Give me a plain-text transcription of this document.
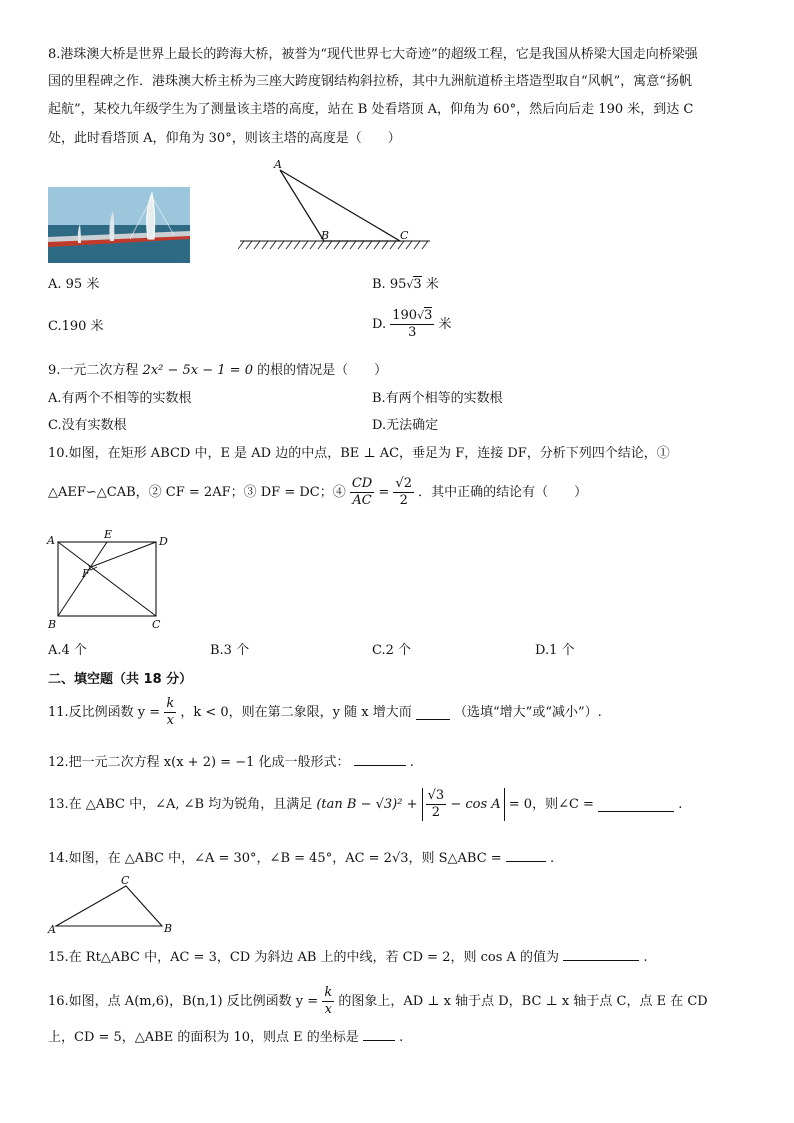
8.港珠澳大桥是世界上最长的跨海大桥，被誉为“现代世界七大奇迹”的超级工程，它是我国从桥梁大国走向桥梁强
国的里程碑之作．港珠澳大桥主桥为三座大跨度钢结构斜拉桥，其中九洲航道桥主塔造型取自“风帆”，寓意“扬帆
起航”，某校九年级学生为了测量该主塔的高度，站在 B 处看塔顶 A，仰角为 60°，然后向后走 190 米，到达 C
处，此时看塔顶 A，仰角为 30°，则该主塔的高度是（　　）
A
B	C
A. 95 米	B. 95√3 米
C.190 米	D. $\frac{190√3}{3}$ 米
9.一元二次方程 2x² − 5x − 1 = 0 的根的情况是（　　）
A.有两个不相等的实数根	B.有两个相等的实数根
C.没有实数根	D.无法确定
10.如图，在矩形 ABCD 中，E 是 AD 边的中点，BE ⊥ AC，垂足为 F，连接 DF，分析下列四个结论，①
△AEF∽△CAB，② CF = 2AF；③ DF = DC；④ $\frac{CD}{AC} = \frac{√2}{2}$ ．其中正确的结论有（　　）
A	D
B	C
E
F
A.4 个	B.3 个	C.2 个	D.1 个
二、填空题（共 18 分）
11.反比例函数 $y = \frac{k}{x}$ ，k < 0，则在第二象限，y 随 x 增大而	（选填“增大”或“减小”）.
12.把一元二次方程 x(x + 2) = −1 化成一般形式：	.
13.在 △ABC 中，∠A, ∠B 均为锐角，且满足 (tan $B - √3)^2 + \frac{√3}{2} - \cos A = 0$，则∠C =	.
14.如图，在 △ABC 中，∠A = 30°，∠B = 45°，AC = 2√3，则 S△ABC =	.
A
C
B
15.在 Rt△ABC 中，AC = 3，CD 为斜边 AB 上的中线，若 CD = 2，则 cos A 的值为	.
16.如图，点 A(m,6)，B(n,1) 反比例函数 $y = \frac{k}{x}$ 的图象上，AD ⊥ x 轴于点 D，BC ⊥ x 轴于点 C，点 E 在 CD
上，CD = 5，△ABE 的面积为 10，则点 E 的坐标是	.
